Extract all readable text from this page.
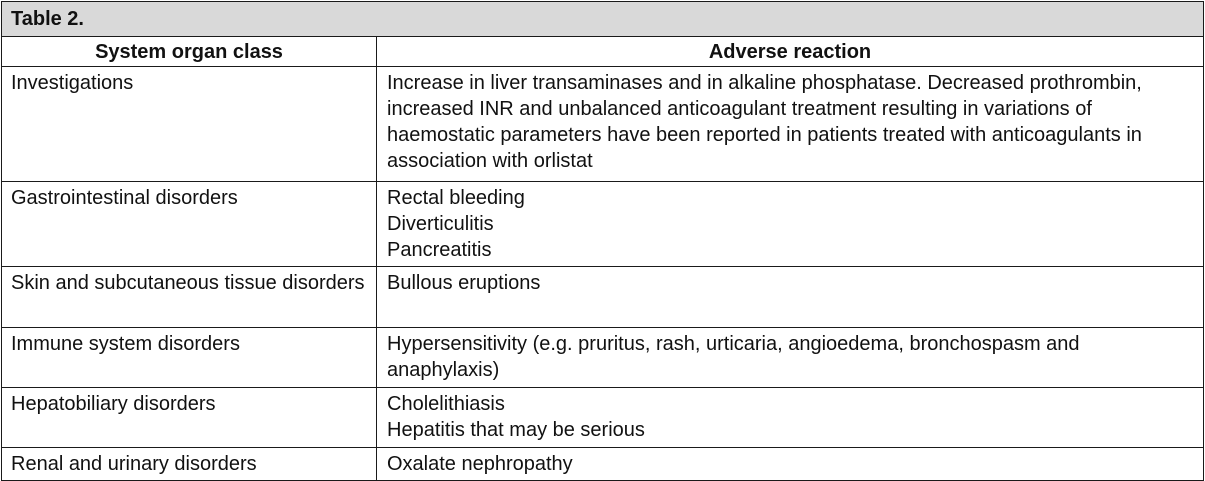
Table 2.	
System organ class	Adverse reaction
Investigations	Increase in liver transaminases and in alkaline phosphatase. Decreased prothrombin, increased INR and unbalanced anticoagulant treatment resulting in variations of haemostatic parameters have been reported in patients treated with anticoagulants in association with orlistat

Gastrointestinal disorders	Rectal bleeding
Diverticulitis
Pancreatitis

Skin and subcutaneous tissue disorders	Bullous eruptions

Immune system disorders	Hypersensitivity (e.g. pruritus, rash, urticaria, angioedema, bronchospasm and anaphylaxis)

Hepatobiliary disorders	Cholelithiasis
Hepatitis that may be serious

Renal and urinary disorders	Oxalate nephropathy
